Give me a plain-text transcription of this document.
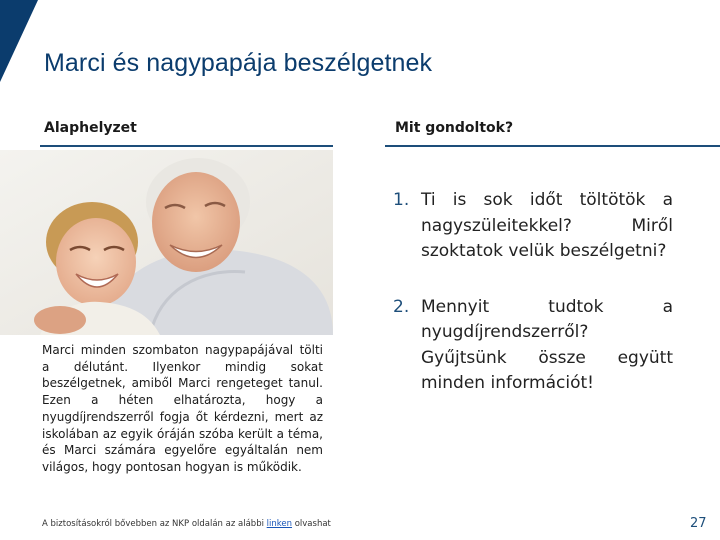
Marci és nagypapája beszélgetnek
Alaphelyzet	Mit gondoltok?

Marci minden szombaton nagypapájával tölti a délutánt. Ilyenkor mindig sokat beszélgetnek, amiből Marci rengeteget tanul. Ezen a héten elhatározta, hogy a nyugdíjrendszerről fogja őt kérdezni, mert az iskolában az egyik óráján szóba került a téma, és Marci számára egyelőre egyáltalán nem világos, hogy pontosan hogyan is működik.

1. Ti is sok időt töltötök a nagyszüleitekkel? Miről szoktatok velük beszélgetni?
2. Mennyit tudtok a nyugdíjrendszerről? Gyűjtsünk össze együtt minden információt!

A biztosításokról bővebben az NKP oldalán az alábbi linken olvashat	27
